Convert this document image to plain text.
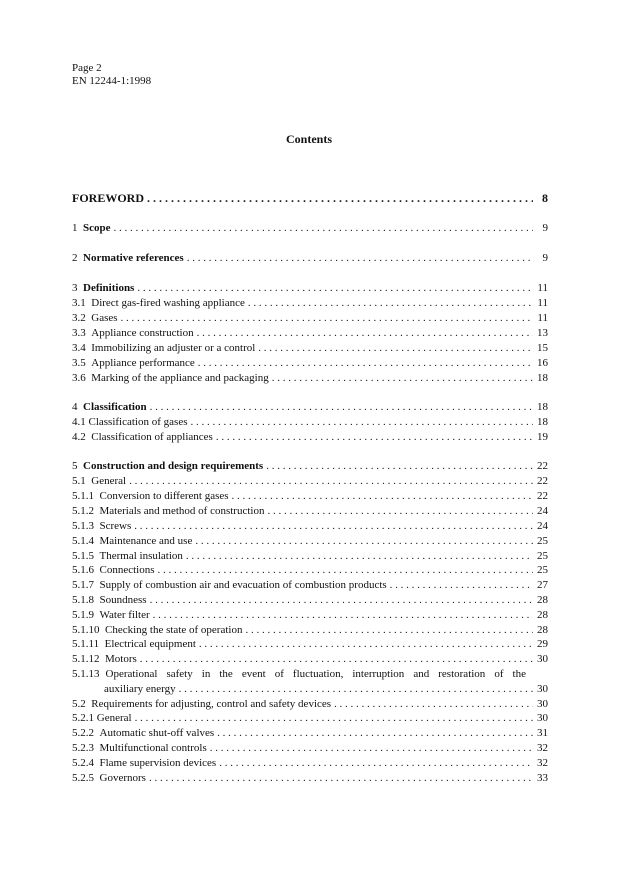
Page 2
EN 12244-1:1998
Contents
FOREWORD . . .	8
1 Scope . . .	9
2 Normative references . . .	9
3 Definitions . . .	11
3.1 Direct gas-fired washing appliance . . .	11
3.2 Gases . . .	11
3.3 Appliance construction . . .	13
3.4 Immobilizing an adjuster or a control . . .	15
3.5 Appliance performance . . .	16
3.6 Marking of the appliance and packaging . . .	18
4 Classification . . .	18
4.1 Classification of gases . . .	18
4.2 Classification of appliances . . .	19
5 Construction and design requirements . . .	22
5.1 General . . .	22
5.1.1 Conversion to different gases . . .	22
5.1.2 Materials and method of construction . . .	24
5.1.3 Screws . . .	24
5.1.4 Maintenance and use . . .	25
5.1.5 Thermal insulation . . .	25
5.1.6 Connections . . .	25
5.1.7 Supply of combustion air and evacuation of combustion products . . .	27
5.1.8 Soundness . . .	28
5.1.9 Water filter . . .	28
5.1.10 Checking the state of operation . . .	28
5.1.11 Electrical equipment . . .	29
5.1.12 Motors . . .	30
5.1.13 Operational safety in the event of fluctuation, interruption and restoration of the
auxiliary energy . . .	30
5.2 Requirements for adjusting, control and safety devices . . .	30
5.2.1 General . . .	30
5.2.2 Automatic shut-off valves . . .	31
5.2.3 Multifunctional controls . . .	32
5.2.4 Flame supervision devices . . .	32
5.2.5 Governors . . .	33
